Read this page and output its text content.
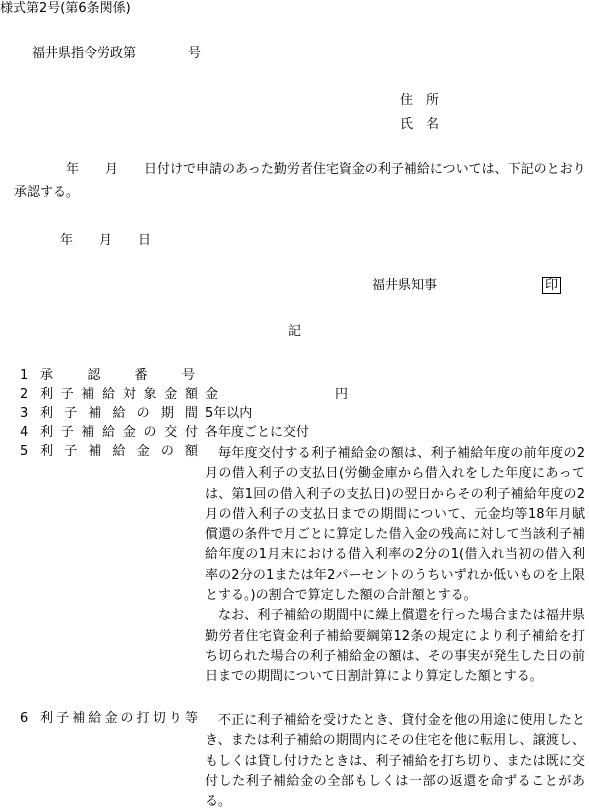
様式第2号(第6条関係)
福井県指令労政第　　　　号
住　所
氏　名

年　　月　　日付けで申請のあった勤労者住宅資金の利子補給については、下記のとおり承認する。

年　　月　　日
福井県知事	印
記
1 承認番号
2 利子補給対象金額 金　　　　　　　　　円
3 利子補給の期間 5年以内
4 利子補給金の交付 各年度ごとに交付
5 利子補給金の額	毎年度交付する利子補給金の額は、利子補給年度の前年度の2月の借入利子の支払日(労働金庫から借入れをした年度にあっては、第1回の借入利子の支払日)の翌日からその利子補給年度の2月の借入利子の支払日までの期間について、元金均等18年月賦償還の条件で月ごとに算定した借入金の残高に対して当該利子補給年度の1月末における借入利率の2分の1(借入れ当初の借入利率の2分の1または年2パーセントのうちいずれか低いものを上限とする。)の割合で算定した額の合計額とする。

なお、利子補給の期間中に繰上償還を行った場合または福井県勤労者住宅資金利子補給要綱第12条の規定により利子補給を打ち切られた場合の利子補給金の額は、その事実が発生した日の前日までの期間について日割計算により算定した額とする。

6 利子補給金の打切り等	不正に利子補給を受けたとき、貸付金を他の用途に使用したとき、または利子補給の期間内にその住宅を他に転用し、譲渡し、もしくは貸し付けたときは、利子補給を打ち切り、または既に交付した利子補給金の全部もしくは一部の返還を命ずることがある。
